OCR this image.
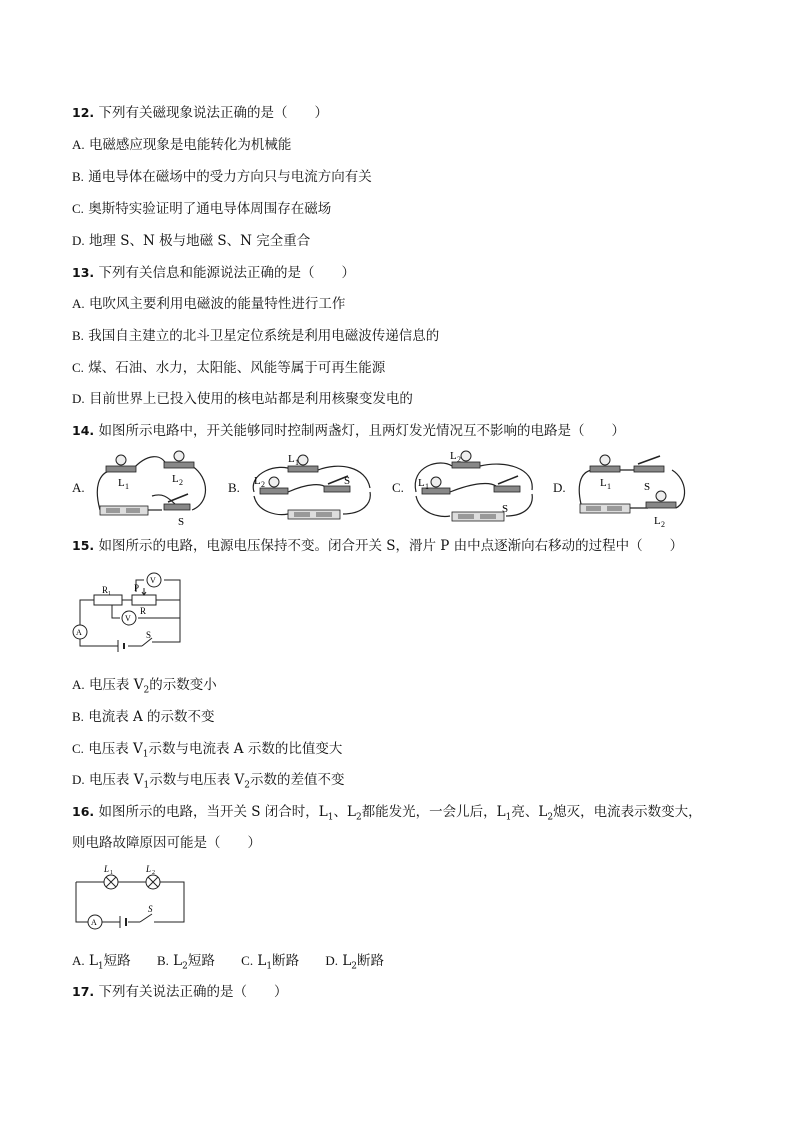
12. 下列有关磁现象说法正确的是（　　）
A. 电磁感应现象是电能转化为机械能
B. 通电导体在磁场中的受力方向只与电流方向有关
C. 奥斯特实验证明了通电导体周围存在磁场
D. 地理 S、N 极与地磁 S、N 完全重合
13. 下列有关信息和能源说法正确的是（　　）
A. 电吹风主要利用电磁波的能量特性进行工作
B. 我国自主建立的北斗卫星定位系统是利用电磁波传递信息的
C. 煤、石油、水力，太阳能、风能等属于可再生能源
D. 目前世界上已投入使用的核电站都是利用核聚变发电的
14. 如图所示电路中，开关能够同时控制两盏灯，且两灯发光情况互不影响的电路是（　　）
A.	L 1
L 2
S
B.
L 1
L 2	S	C.
L 2
L 1
S
D.	L 1	S
L 2
15. 如图所示的电路，电源电压保持不变。闭合开关 S，滑片 P 由中点逐渐向右移动的过程中（　　）
R 1
P
R
V
V
A	S
A. 电压表 $V_2$的示数变小
B. 电流表 A 的示数不变
C. 电压表 $V_1$示数与电流表 A 示数的比值变大
D. 电压表 $V_1$示数与电压表 $V_2$示数的差值不变
16. 如图所示的电路，当开关 S 闭合时，$L_1$、$L_2$都能发光，一会儿后，$L_1$亮、$L_2$熄灭，电流表示数变大，
则电路故障原因可能是（　　）
L 1	L 2
A
S
A. $L_1$短路 B. $L_2$短路 C. $L_1$断路 D. $L_2$断路
17. 下列有关说法正确的是（　　）
